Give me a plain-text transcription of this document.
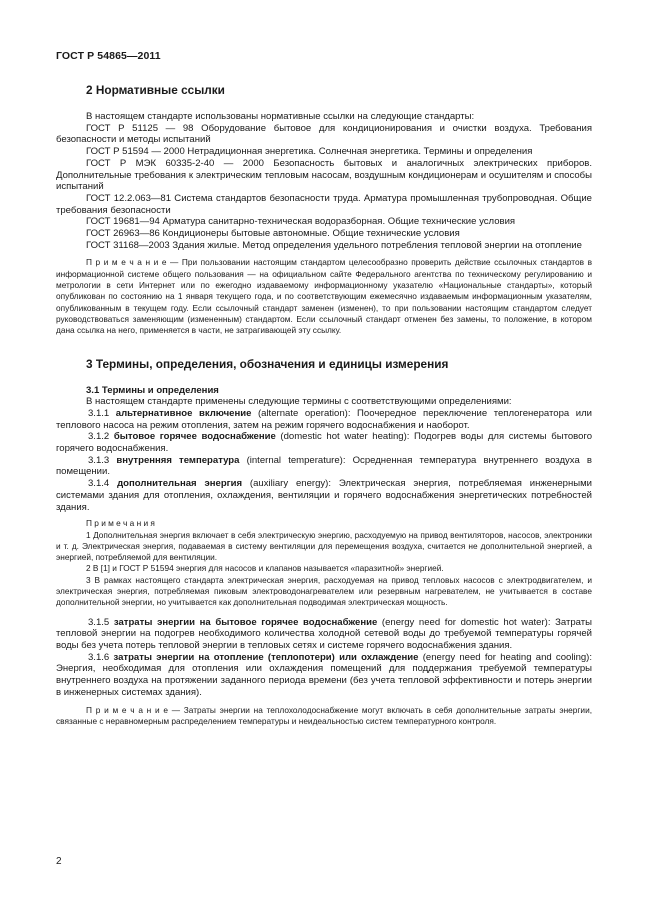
ГОСТ Р 54865—2011
2 Нормативные ссылки

В настоящем стандарте использованы нормативные ссылки на следующие стандарты:

ГОСТ Р 51125 — 98 Оборудование бытовое для кондиционирования и очистки воздуха. Требования безопасности и методы испытаний

ГОСТ Р 51594 — 2000 Нетрадиционная энергетика. Солнечная энергетика. Термины и определения

ГОСТ Р МЭК 60335-2-40 — 2000 Безопасность бытовых и аналогичных электрических приборов. Дополнительные требования к электрическим тепловым насосам, воздушным кондиционерам и осушителям и способы испытаний

ГОСТ 12.2.063—81 Система стандартов безопасности труда. Арматура промышленная трубопроводная. Общие требования безопасности

ГОСТ 19681—94 Арматура санитарно-техническая водоразборная. Общие технические условия

ГОСТ 26963—86 Кондиционеры бытовые автономные. Общие технические условия

ГОСТ 31168—2003 Здания жилые. Метод определения удельного потребления тепловой энергии на отопление

П р и м е ч а н и е — При пользовании настоящим стандартом целесообразно проверить действие ссылочных стандартов в информационной системе общего пользования — на официальном сайте Федерального агентства по техническому регулированию и метрологии в сети Интернет или по ежегодно издаваемому информационному указателю «Национальные стандарты», который опубликован по состоянию на 1 января текущего года, и по соответствующим ежемесячно издаваемым информационным указателям, опубликованным в текущем году. Если ссылочный стандарт заменен (изменен), то при пользовании настоящим стандартом следует руководствоваться заменяющим (измененным) стандартом. Если ссылочный стандарт отменен без замены, то положение, в котором дана ссылка на него, применяется в части, не затрагивающей эту ссылку.

3 Термины, определения, обозначения и единицы измерения

3.1 Термины и определения

В настоящем стандарте применены следующие термины с соответствующими определениями:

3.1.1 альтернативное включение (alternate operation): Поочередное переключение теплогенератора или теплового насоса на режим отопления, затем на режим горячего водоснабжения и наоборот.

3.1.2 бытовое горячее водоснабжение (domestic hot water heating): Подогрев воды для системы бытового горячего водоснабжения.

3.1.3 внутренняя температура (internal temperature): Осредненная температура внутреннего воздуха в помещении.

3.1.4 дополнительная энергия (auxiliary energy): Электрическая энергия, потребляемая инженерными системами здания для отопления, охлаждения, вентиляции и горячего водоснабжения энергетических потребностей здания.

П р и м е ч а н и я

1 Дополнительная энергия включает в себя электрическую энергию, расходуемую на привод вентиляторов, насосов, электроники и т. д. Электрическая энергия, подаваемая в систему вентиляции для перемещения воздуха, считается не дополнительной энергией, а энергией, потребляемой для вентиляции.

2 В [1] и ГОСТ Р 51594 энергия для насосов и клапанов называется «паразитной» энергией.

3 В рамках настоящего стандарта электрическая энергия, расходуемая на привод тепловых насосов с электродвигателем, и электрическая энергия, потребляемая пиковым электроводонагревателем или резервным нагревателем, не учитывается в составе дополнительной энергии, но учитывается как дополнительная подводимая электрическая мощность.

3.1.5 затраты энергии на бытовое горячее водоснабжение (energy need for domestic hot water): Затраты тепловой энергии на подогрев необходимого количества холодной сетевой воды до требуемой температуры горячей воды без учета потерь тепловой энергии в тепловых сетях и системе горячего водоснабжения здания.

3.1.6 затраты энергии на отопление (теплопотери) или охлаждение (energy need for heating and cooling): Энергия, необходимая для отопления или охлаждения помещений для поддержания требуемой температуры внутреннего воздуха на протяжении заданного периода времени (без учета тепловой эффективности и потерь энергии в инженерных системах здания).

П р и м е ч а н и е — Затраты энергии на теплохолодоснабжение могут включать в себя дополнительные затраты энергии, связанные с неравномерным распределением температуры и неидеальностью систем температурного контроля.

2
